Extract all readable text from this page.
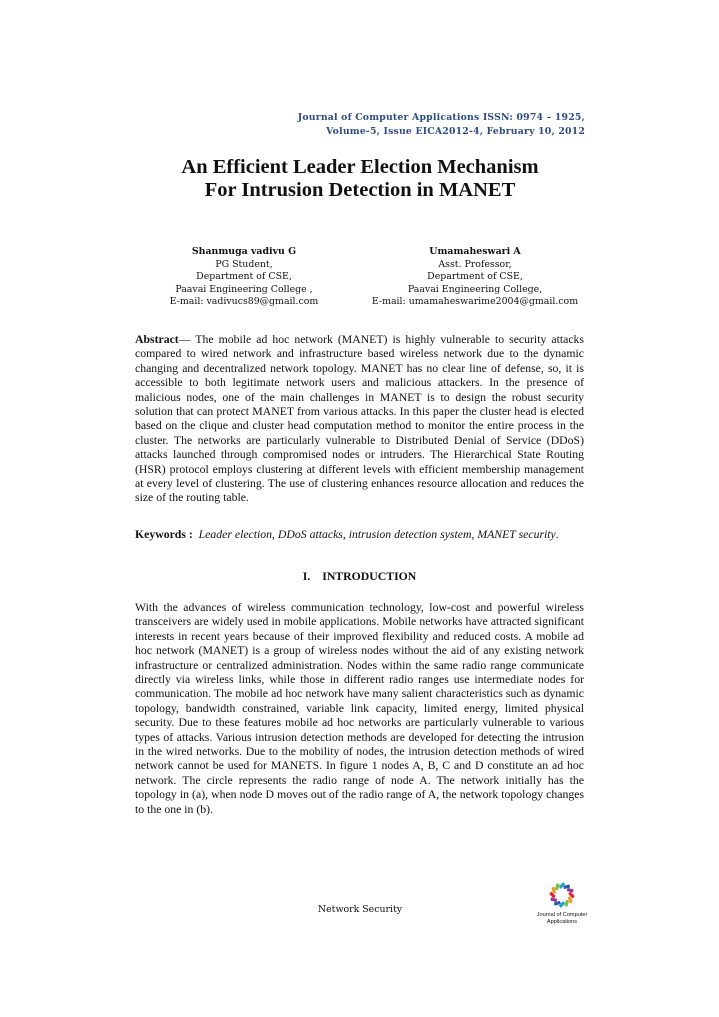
Journal of Computer Applications ISSN: 0974 – 1925,
Volume-5, Issue EICA2012-4, February 10, 2012
An Efficient Leader Election Mechanism
For Intrusion Detection in MANET
Shanmuga vadivu G
PG Student,
Department of CSE,
Paavai Engineering College ,
E-mail: vadivucs89@gmail.com
Umamaheswari A
Asst. Professor,
Department of CSE,
Paavai Engineering College,
E-mail: umamaheswarime2004@gmail.com

Abstract— The mobile ad hoc network (MANET) is highly vulnerable to security attacks compared to wired network and infrastructure based wireless network due to the dynamic changing and decentralized network topology. MANET has no clear line of defense, so, it is accessible to both legitimate network users and malicious attackers. In the presence of malicious nodes, one of the main challenges in MANET is to design the robust security solution that can protect MANET from various attacks. In this paper the cluster head is elected based on the clique and cluster head computation method to monitor the entire process in the cluster. The networks are particularly vulnerable to Distributed Denial of Service (DDoS) attacks launched through compromised nodes or intruders. The Hierarchical State Routing (HSR) protocol employs clustering at different levels with efficient membership management at every level of clustering. The use of clustering enhances resource allocation and reduces the size of the routing table.

Keywords : Leader election, DDoS attacks, intrusion detection system, MANET security.

I. INTRODUCTION

With the advances of wireless communication technology, low-cost and powerful wireless transceivers are widely used in mobile applications. Mobile networks have attracted significant interests in recent years because of their improved flexibility and reduced costs. A mobile ad hoc network (MANET) is a group of wireless nodes without the aid of any existing network infrastructure or centralized administration. Nodes within the same radio range communicate directly via wireless links, while those in different radio ranges use intermediate nodes for communication. The mobile ad hoc network have many salient characteristics such as dynamic topology, bandwidth constrained, variable link capacity, limited energy, limited physical security. Due to these features mobile ad hoc networks are particularly vulnerable to various types of attacks. Various intrusion detection methods are developed for detecting the intrusion in the wired networks. Due to the mobility of nodes, the intrusion detection methods of wired network cannot be used for MANETS. In figure 1 nodes A, B, C and D constitute an ad hoc network. The circle represents the radio range of node A. The network initially has the topology in (a), when node D moves out of the radio range of A, the network topology changes to the one in (b).

Network Security	Journal of Computer
Applications
